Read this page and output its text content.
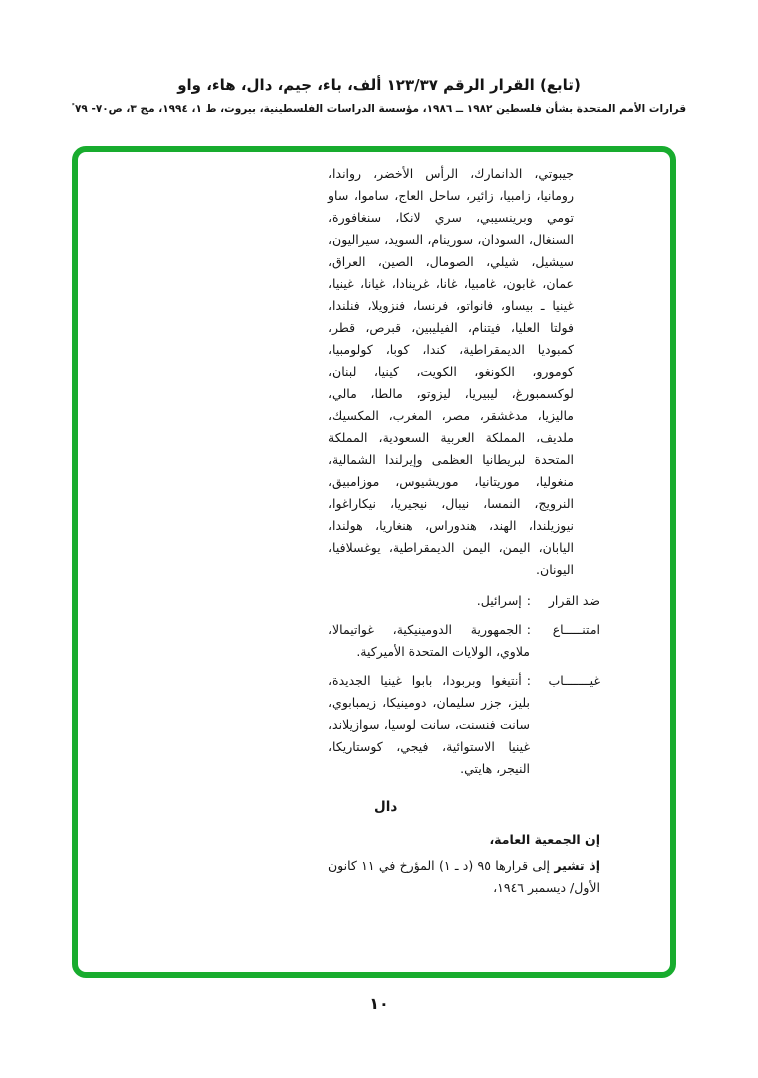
(تابع) القرار الرقم ١٢٣/٣٧ ألف، باء، جيم، دال، هاء، واو
قرارات الأمم المتحدة بشأن فلسطين ١٩٨٢ ــ ١٩٨٦، مؤسسة الدراسات الفلسطينية، بيروت، ط ١، ١٩٩٤، مج ٣، ص٧٠- ٧٩ٴ

جيبوتي، الدانمارك، الرأس الأخضر، رواندا، رومانيا، زامبيا، زائير، ساحل العاج، ساموا، ساو تومي وبرينسيبي، سري لانكا، سنغافورة، السنغال، السودان، سورينام، السويد، سيراليون، سيشيل، شيلي، الصومال، الصين، العراق، عمان، غابون، غامبيا، غانا، غرينادا، غيانا، غينيا، غينيا ـ بيساو، فانواتو، فرنسا، فنزويلا، فنلندا، فولتا العليا، فيتنام، الفيليبين، قبرص، قطر، كمبوديا الديمقراطية، كندا، كوبا، كولومبيا، كومورو، الكونغو، الكويت، كينيا، لبنان، لوكسمبورغ، ليبيريا، ليزوتو، مالطا، مالي، ماليزيا، مدغشقر، مصر، المغرب، المكسيك، ملديف، المملكة العربية السعودية، المملكة المتحدة لبريطانيا العظمى وإيرلندا الشمالية، منغوليا، موريتانيا، موريشيوس، موزامبيق، النرويج، النمسا، نيبال، نيجيريا، نيكاراغوا، نيوزيلندا، الهند، هندوراس، هنغاريا، هولندا، اليابان، اليمن، اليمن الديمقراطية، يوغسلافيا، اليونان.

ضد القرار:إسرائيل.
امتنـــــاع:الجمهورية الدومينيكية، غواتيمالا، ملاوي، الولايات المتحدة الأميركية.
غيـــــــاب:أنتيغوا وبربودا، بابوا غينيا الجديدة، بليز، جزر سليمان، دومينيكا، زيمبابوي، سانت فنسنت، سانت لوسيا، سوازيلاند، غينيا الاستوائية، فيجي، كوستاريكا، النيجر، هايتي.
دال

إن الجمعية العامة،

إذ تشير إلى قرارها ٩٥ (د ـ ١) المؤرخ في ١١ كانون الأول/ ديسمبر ١٩٤٦،

١٠
